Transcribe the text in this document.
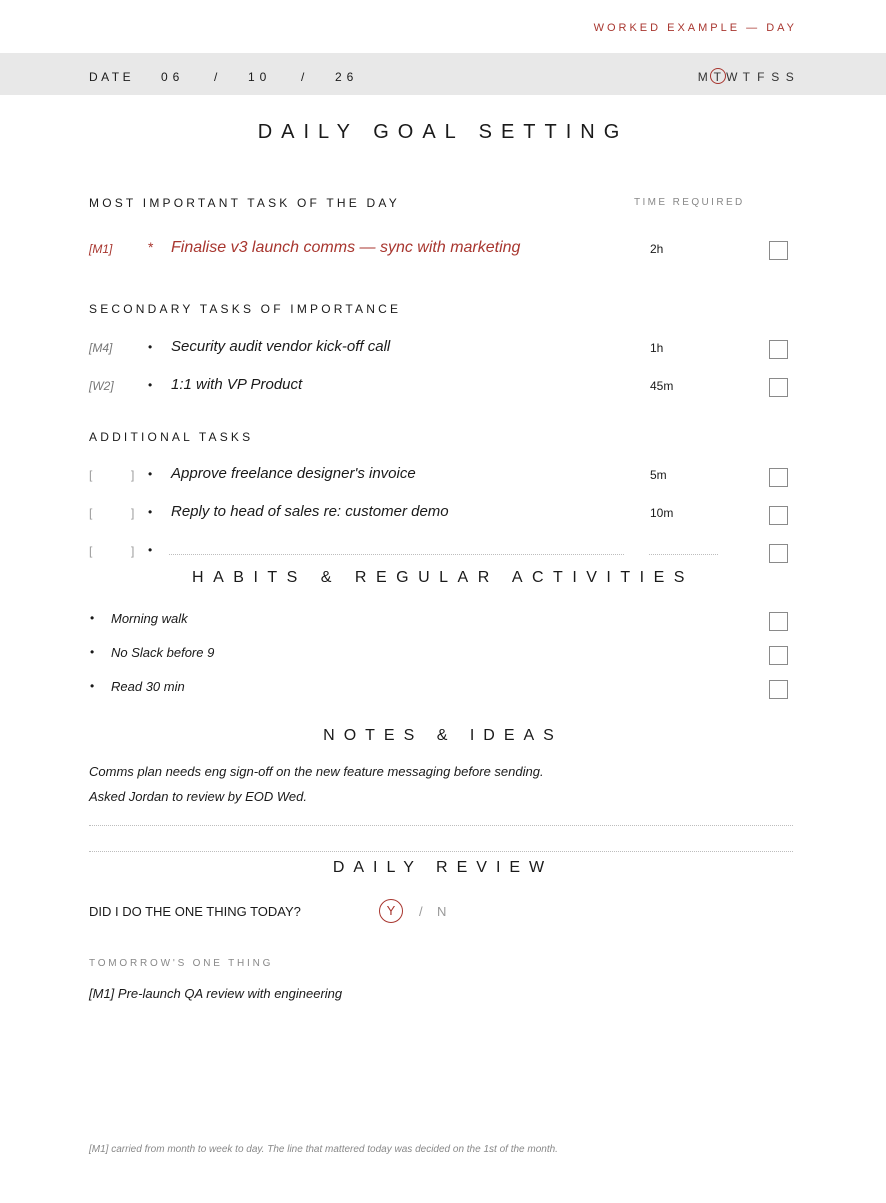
WORKED EXAMPLE — DAY
DATE 06 /	10 /	26	M T W T F S S
DAILY GOAL SETTING
MOST IMPORTANT TASK OF THE DAY	TIME REQUIRED
[M1]	* Finalise v3 launch comms — sync with marketing	2h
SECONDARY TASKS OF IMPORTANCE
[M4]	• Security audit vendor kick-off call	1h
[W2]	• 1:1 with VP Product	45m
ADDITIONAL TASKS
[	] • Approve freelance designer's invoice	5m
[	] • Reply to head of sales re: customer demo	10m
[	] •
HABITS & REGULAR ACTIVITIES
• Morning walk
• No Slack before 9
• Read 30 min
NOTES & IDEAS
Comms plan needs eng sign-off on the new feature messaging before sending.
Asked Jordan to review by EOD Wed.
DAILY REVIEW
DID I DO THE ONE THING TODAY?	Y	/ N
TOMORROW'S ONE THING
[M1] Pre-launch QA review with engineering
[M1] carried from month to week to day. The line that mattered today was decided on the 1st of the month.
